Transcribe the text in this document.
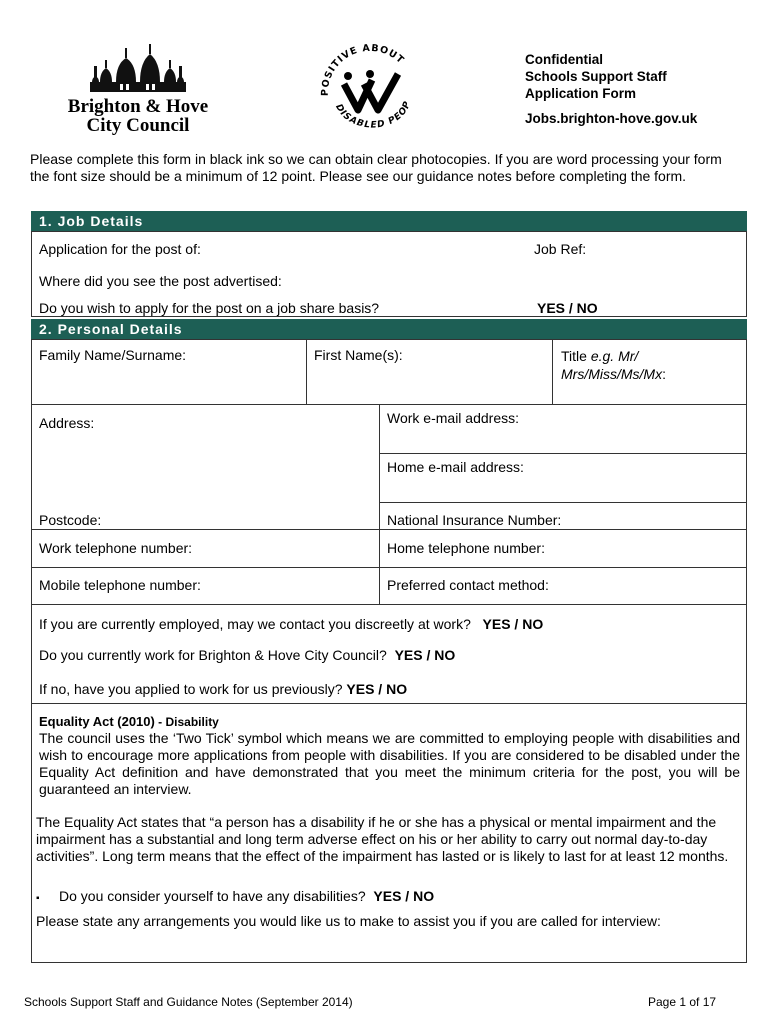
Brighton & Hove
City Council
POSITIVE ABOUT
DISABLED PEOP
Confidential
Schools Support Staff
Application Form
Jobs.brighton-hove.gov.uk
Please complete this form in black ink so we can obtain clear photocopies. If you are word processing your form the font size should be a minimum of 12 point. Please see our guidance notes before completing the form.
1. Job Details
Application for the post of:	Job Ref:
Where did you see the post advertised:
Do you wish to apply for the post on a job share basis?	YES / NO
2. Personal Details
Family Name/Surname:	First Name(s):	Title e.g. Mr/
Mrs/Miss/Ms/Mx:
Address:	Work e-mail address:
Home e-mail address:
Postcode:	National Insurance Number:
Work telephone number:	Home telephone number:
Mobile telephone number:	Preferred contact method:
If you are currently employed, may we contact you discreetly at work? YES / NO
Do you currently work for Brighton & Hove City Council? YES / NO
If no, have you applied to work for us previously? YES / NO
Equality Act (2010) - Disability
The council uses the ‘Two Tick’ symbol which means we are committed to employing people with disabilities and wish to encourage more applications from people with disabilities. If you are considered to be disabled under the Equality Act definition and have demonstrated that you meet the minimum criteria for the post, you will be guaranteed an interview.
The Equality Act states that “a person has a disability if he or she has a physical or mental impairment and the impairment has a substantial and long term adverse effect on his or her ability to carry out normal day-to-day activities”. Long term means that the effect of the impairment has lasted or is likely to last for at least 12 months.
▪ Do you consider yourself to have any disabilities? YES / NO
Please state any arrangements you would like us to make to assist you if you are called for interview:
Schools Support Staff and Guidance Notes (September 2014)	Page 1 of 17
